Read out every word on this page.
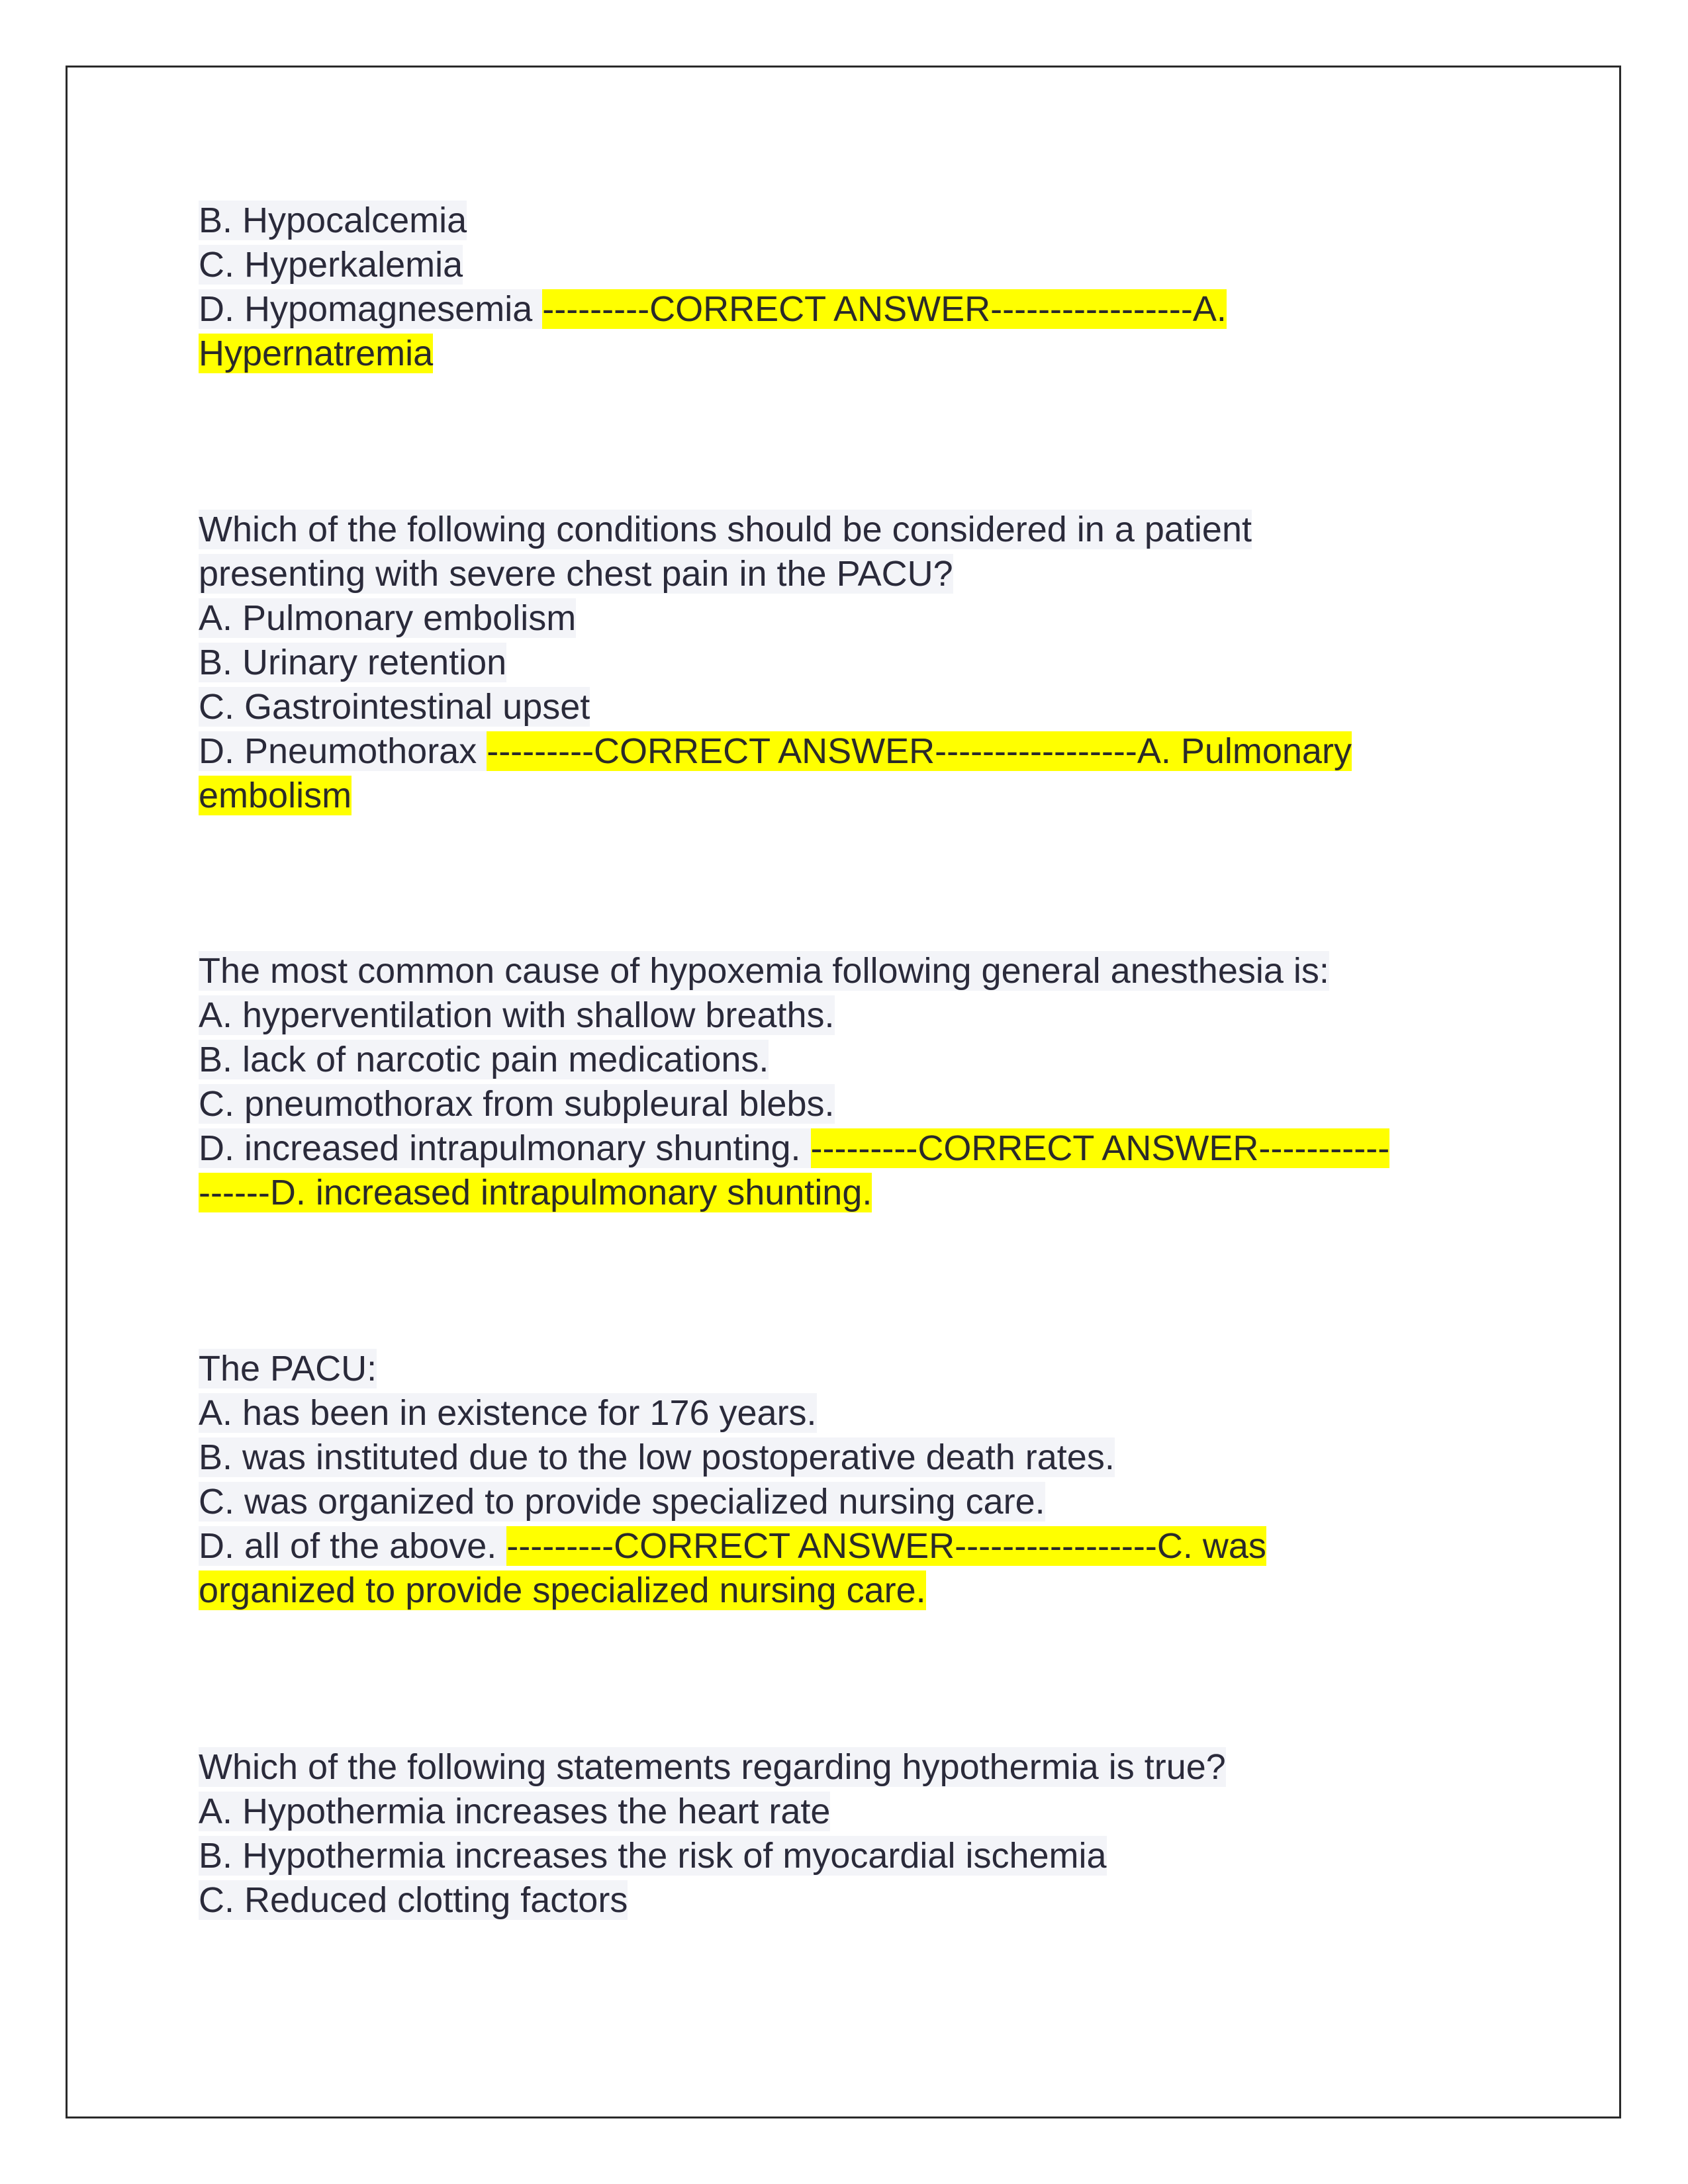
B. Hypocalcemia
C. Hyperkalemia
D. Hypomagnesemia ---------CORRECT ANSWER-----------------A.
Hypernatremia
Which of the following conditions should be considered in a patient
presenting with severe chest pain in the PACU?
A. Pulmonary embolism
B. Urinary retention
C. Gastrointestinal upset
D. Pneumothorax ---------CORRECT ANSWER-----------------A. Pulmonary
embolism
The most common cause of hypoxemia following general anesthesia is:
A. hyperventilation with shallow breaths.
B. lack of narcotic pain medications.
C. pneumothorax from subpleural blebs.
D. increased intrapulmonary shunting. ---------CORRECT ANSWER-----------
------D. increased intrapulmonary shunting.
The PACU:
A. has been in existence for 176 years.
B. was instituted due to the low postoperative death rates.
C. was organized to provide specialized nursing care.
D. all of the above. ---------CORRECT ANSWER-----------------C. was
organized to provide specialized nursing care.
Which of the following statements regarding hypothermia is true?
A. Hypothermia increases the heart rate
B. Hypothermia increases the risk of myocardial ischemia
C. Reduced clotting factors
